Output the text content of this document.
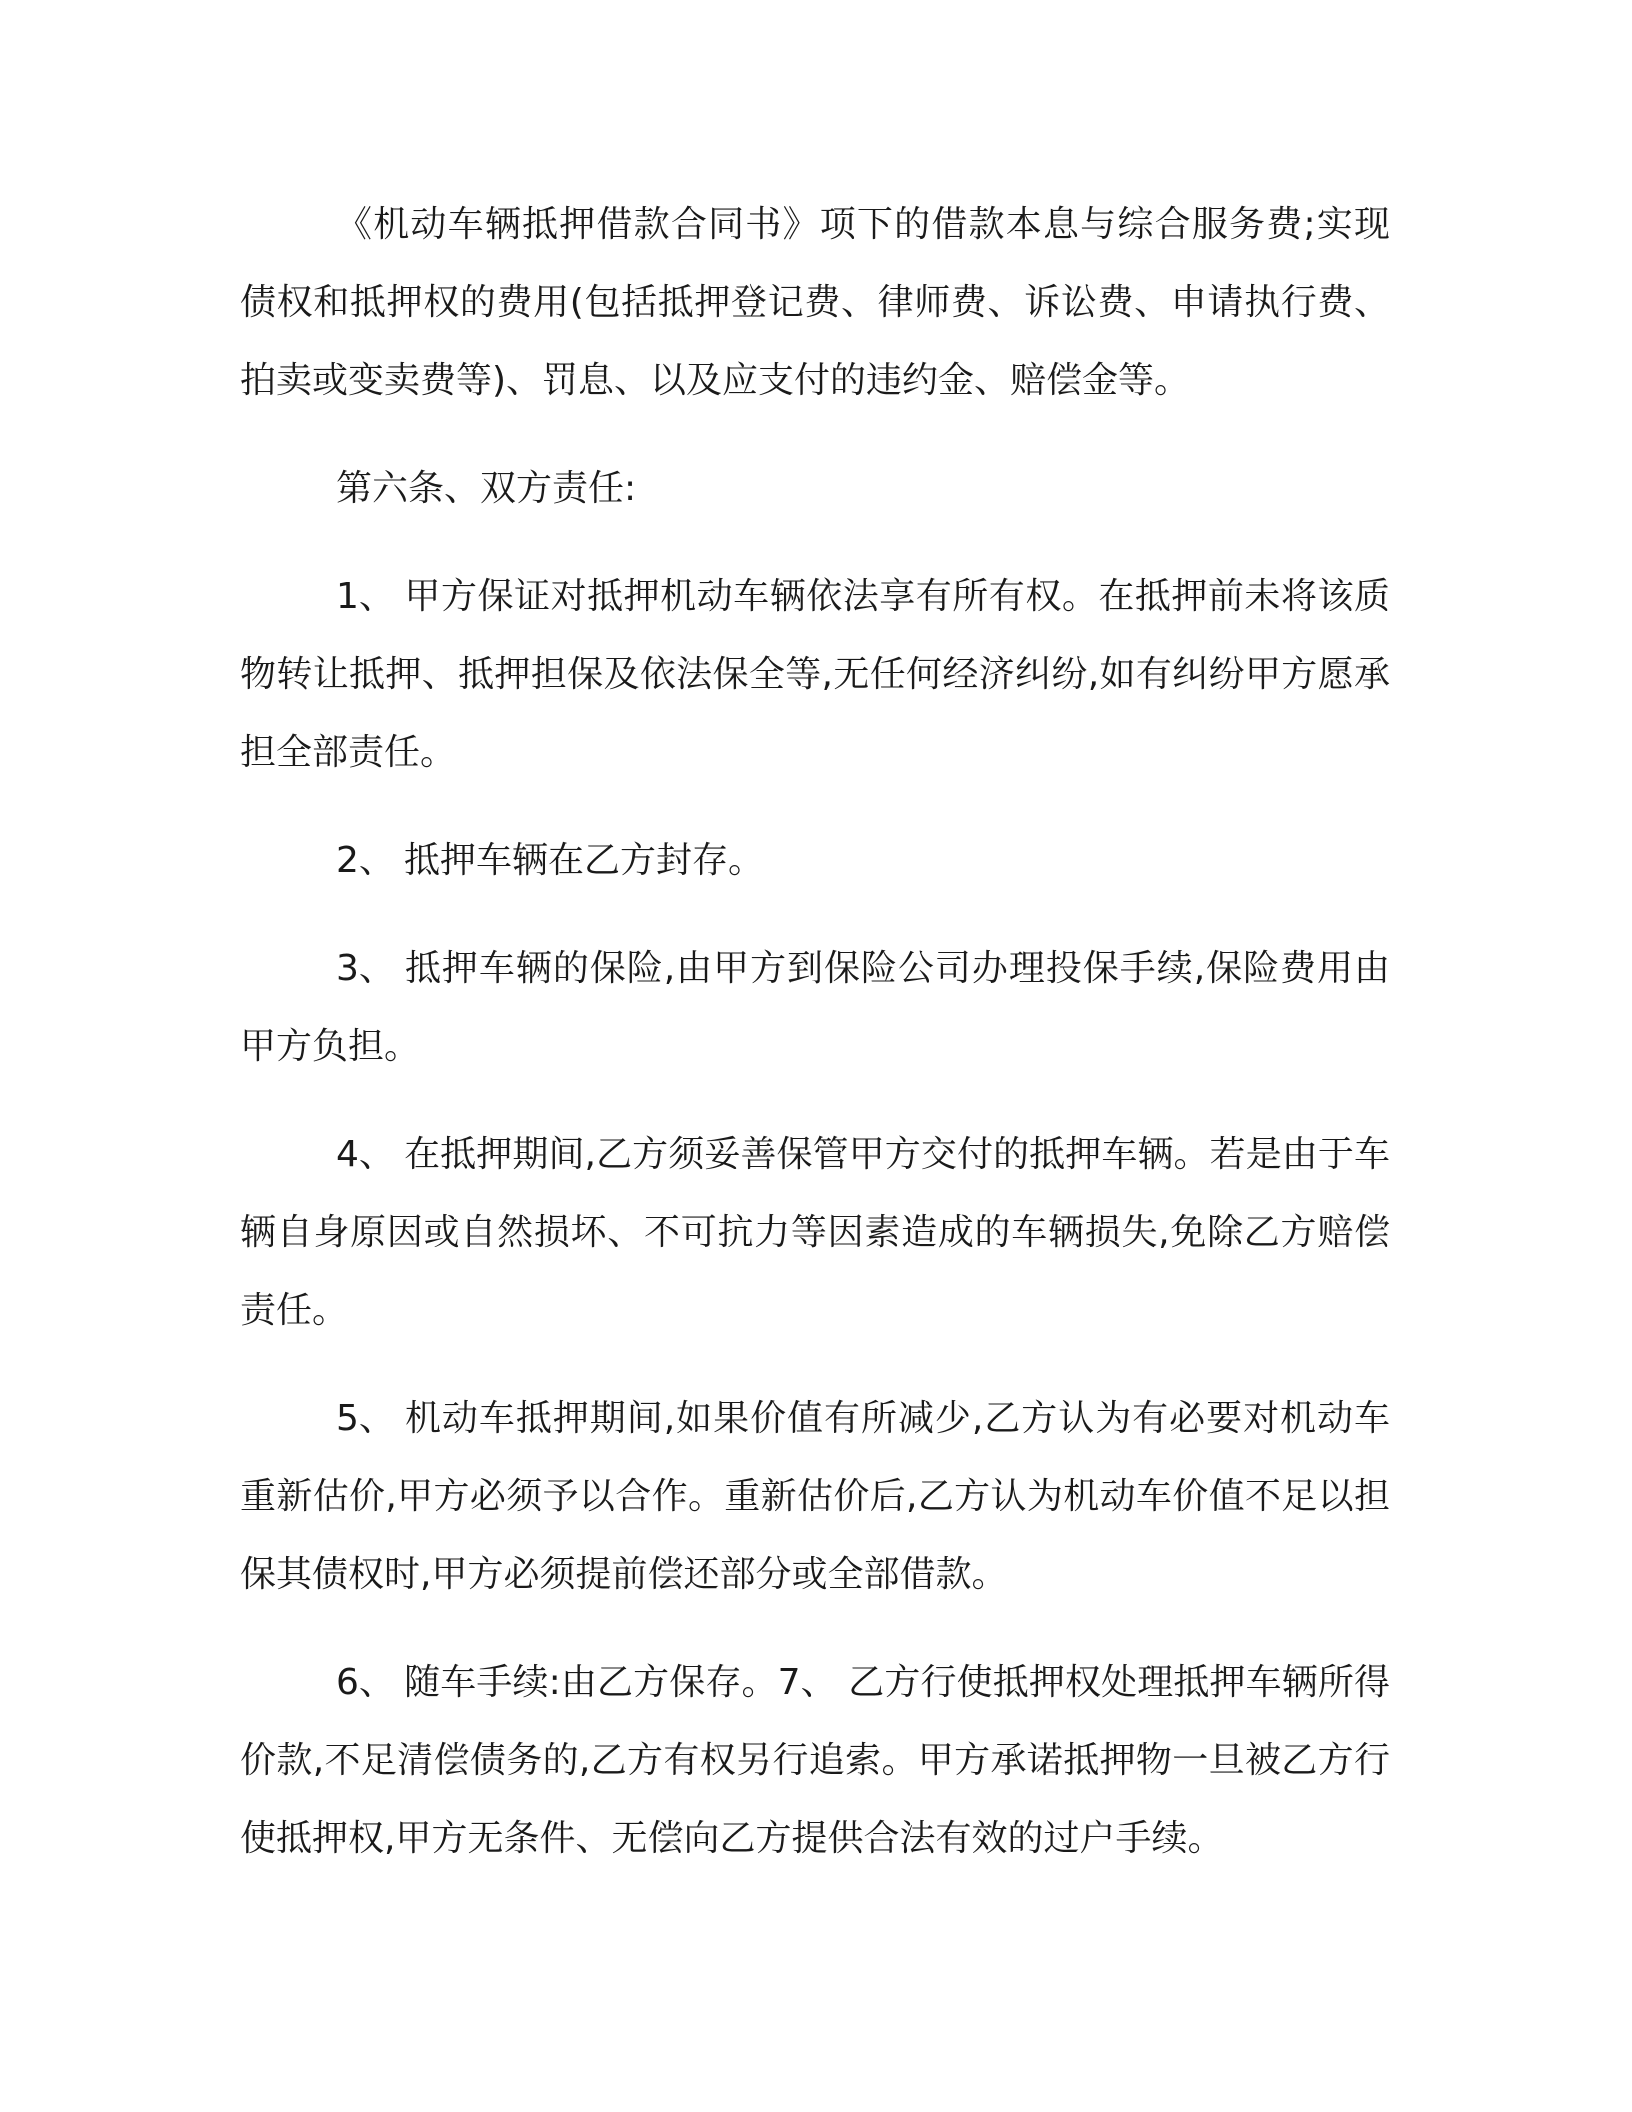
《机动车辆抵押借款合同书》项下的借款本息与综合服务费;实现债权和抵押权的费用(包括抵押登记费、律师费、诉讼费、申请执行费、拍卖或变卖费等)、罚息、以及应支付的违约金、赔偿金等。

第六条、双方责任:

1、 甲方保证对抵押机动车辆依法享有所有权。在抵押前未将该质物转让抵押、抵押担保及依法保全等,无任何经济纠纷,如有纠纷甲方愿承担全部责任。

2、 抵押车辆在乙方封存。

3、 抵押车辆的保险,由甲方到保险公司办理投保手续,保险费用由甲方负担。

4、 在抵押期间,乙方须妥善保管甲方交付的抵押车辆。若是由于车辆自身原因或自然损坏、不可抗力等因素造成的车辆损失,免除乙方赔偿责任。

5、 机动车抵押期间,如果价值有所减少,乙方认为有必要对机动车重新估价,甲方必须予以合作。重新估价后,乙方认为机动车价值不足以担保其债权时,甲方必须提前偿还部分或全部借款。

6、 随车手续:由乙方保存。7、 乙方行使抵押权处理抵押车辆所得价款,不足清偿债务的,乙方有权另行追索。甲方承诺抵押物一旦被乙方行使抵押权,甲方无条件、无偿向乙方提供合法有效的过户手续。
